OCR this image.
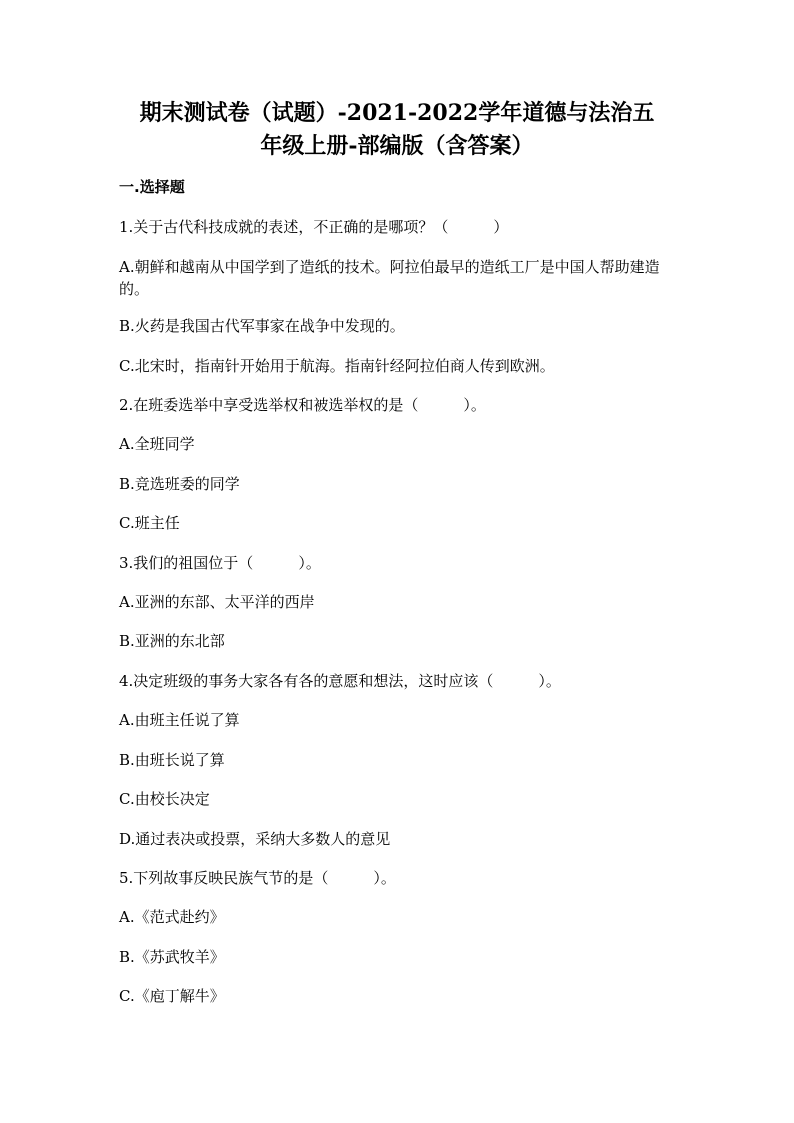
期末测试卷（试题）-2021-2022学年道德与法治五
年级上册-部编版（含答案）

一.选择题

1.关于古代科技成就的表述，不正确的是哪项？（　　　）

A.朝鲜和越南从中国学到了造纸的技术。阿拉伯最早的造纸工厂是中国人帮助建造的。

B.火药是我国古代军事家在战争中发现的。

C.北宋时，指南针开始用于航海。指南针经阿拉伯商人传到欧洲。

2.在班委选举中享受选举权和被选举权的是（　　　）。

A.全班同学

B.竞选班委的同学

C.班主任

3.我们的祖国位于（　　　）。

A.亚洲的东部、太平洋的西岸

B.亚洲的东北部

4.决定班级的事务大家各有各的意愿和想法，这时应该（　　　）。

A.由班主任说了算

B.由班长说了算

C.由校长决定

D.通过表决或投票，采纳大多数人的意见

5.下列故事反映民族气节的是（　　　）。

A.《范式赴约》

B.《苏武牧羊》

C.《庖丁解牛》
